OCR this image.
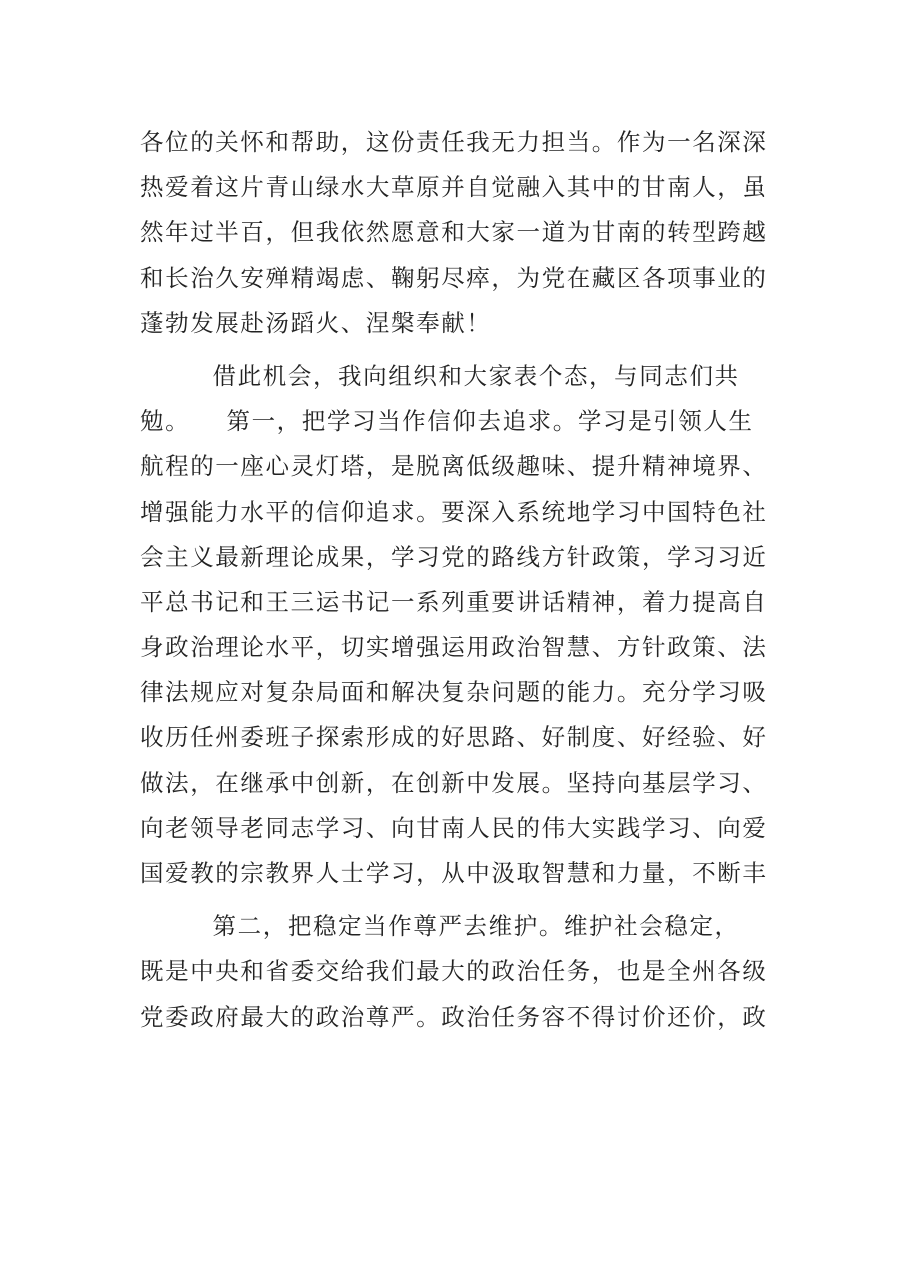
各位的关怀和帮助，这份责任我无力担当。作为一名深深
热爱着这片青山绿水大草原并自觉融入其中的甘南人，虽
然年过半百，但我依然愿意和大家一道为甘南的转型跨越
和长治久安殚精竭虑、鞠躬尽瘁，为党在藏区各项事业的
蓬勃发展赴汤蹈火、涅槃奉献！
借此机会，我向组织和大家表个态，与同志们共
勉。    第一，把学习当作信仰去追求。学习是引领人生
航程的一座心灵灯塔，是脱离低级趣味、提升精神境界、
增强能力水平的信仰追求。要深入系统地学习中国特色社
会主义最新理论成果，学习党的路线方针政策，学习习近
平总书记和王三运书记一系列重要讲话精神，着力提高自
身政治理论水平，切实增强运用政治智慧、方针政策、法
律法规应对复杂局面和解决复杂问题的能力。充分学习吸
收历任州委班子探索形成的好思路、好制度、好经验、好
做法，在继承中创新，在创新中发展。坚持向基层学习、
向老领导老同志学习、向甘南人民的伟大实践学习、向爱
国爱教的宗教界人士学习，从中汲取智慧和力量，不断丰
第二，把稳定当作尊严去维护。维护社会稳定，
既是中央和省委交给我们最大的政治任务，也是全州各级
党委政府最大的政治尊严。政治任务容不得讨价还价，政
